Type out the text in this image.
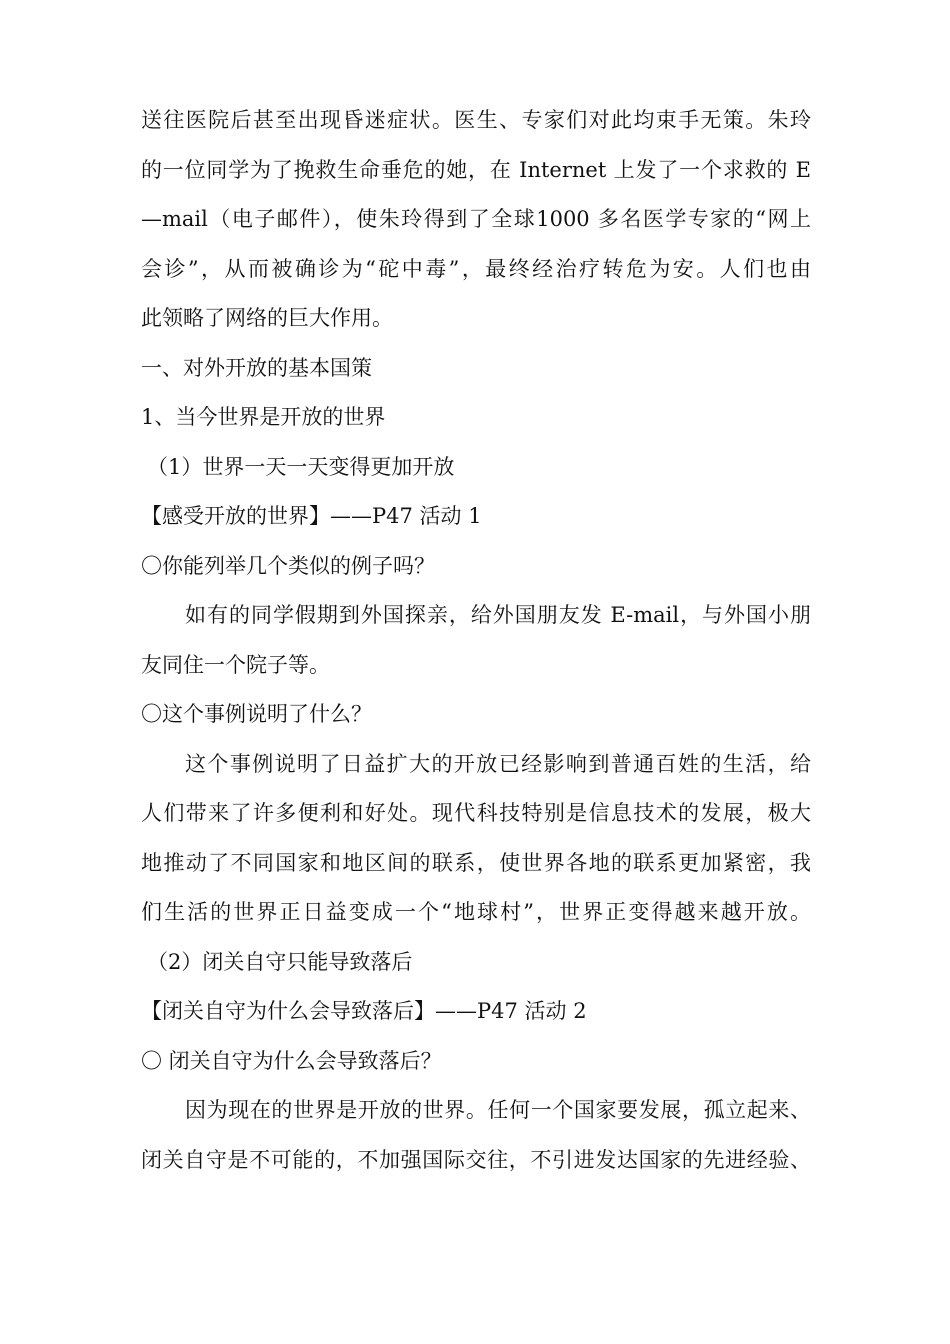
送往医院后甚至出现昏迷症状。医生、专家们对此均束手无策。朱玲
的一位同学为了挽救生命垂危的她，在 Internet 上发了一个求救的 E
—mail（电子邮件），使朱玲得到了全球1000 多名医学专家的“网上
会诊”，从而被确诊为“砣中毒”，最终经治疗转危为安。人们也由
此领略了网络的巨大作用。
一、对外开放的基本国策
1、当今世界是开放的世界
（1）世界一天一天变得更加开放
【感受开放的世界】——P47 活动 1
〇你能列举几个类似的例子吗？
如有的同学假期到外国探亲，给外国朋友发 E-mail，与外国小朋
友同住一个院子等。
〇这个事例说明了什么？
这个事例说明了日益扩大的开放已经影响到普通百姓的生活，给
人们带来了许多便利和好处。现代科技特别是信息技术的发展，极大
地推动了不同国家和地区间的联系，使世界各地的联系更加紧密，我
们生活的世界正日益变成一个“地球村”，世界正变得越来越开放。
（2）闭关自守只能导致落后
【闭关自守为什么会导致落后】——P47 活动 2
〇 闭关自守为什么会导致落后？
因为现在的世界是开放的世界。任何一个国家要发展，孤立起来、
闭关自守是不可能的，不加强国际交往，不引进发达国家的先进经验、
